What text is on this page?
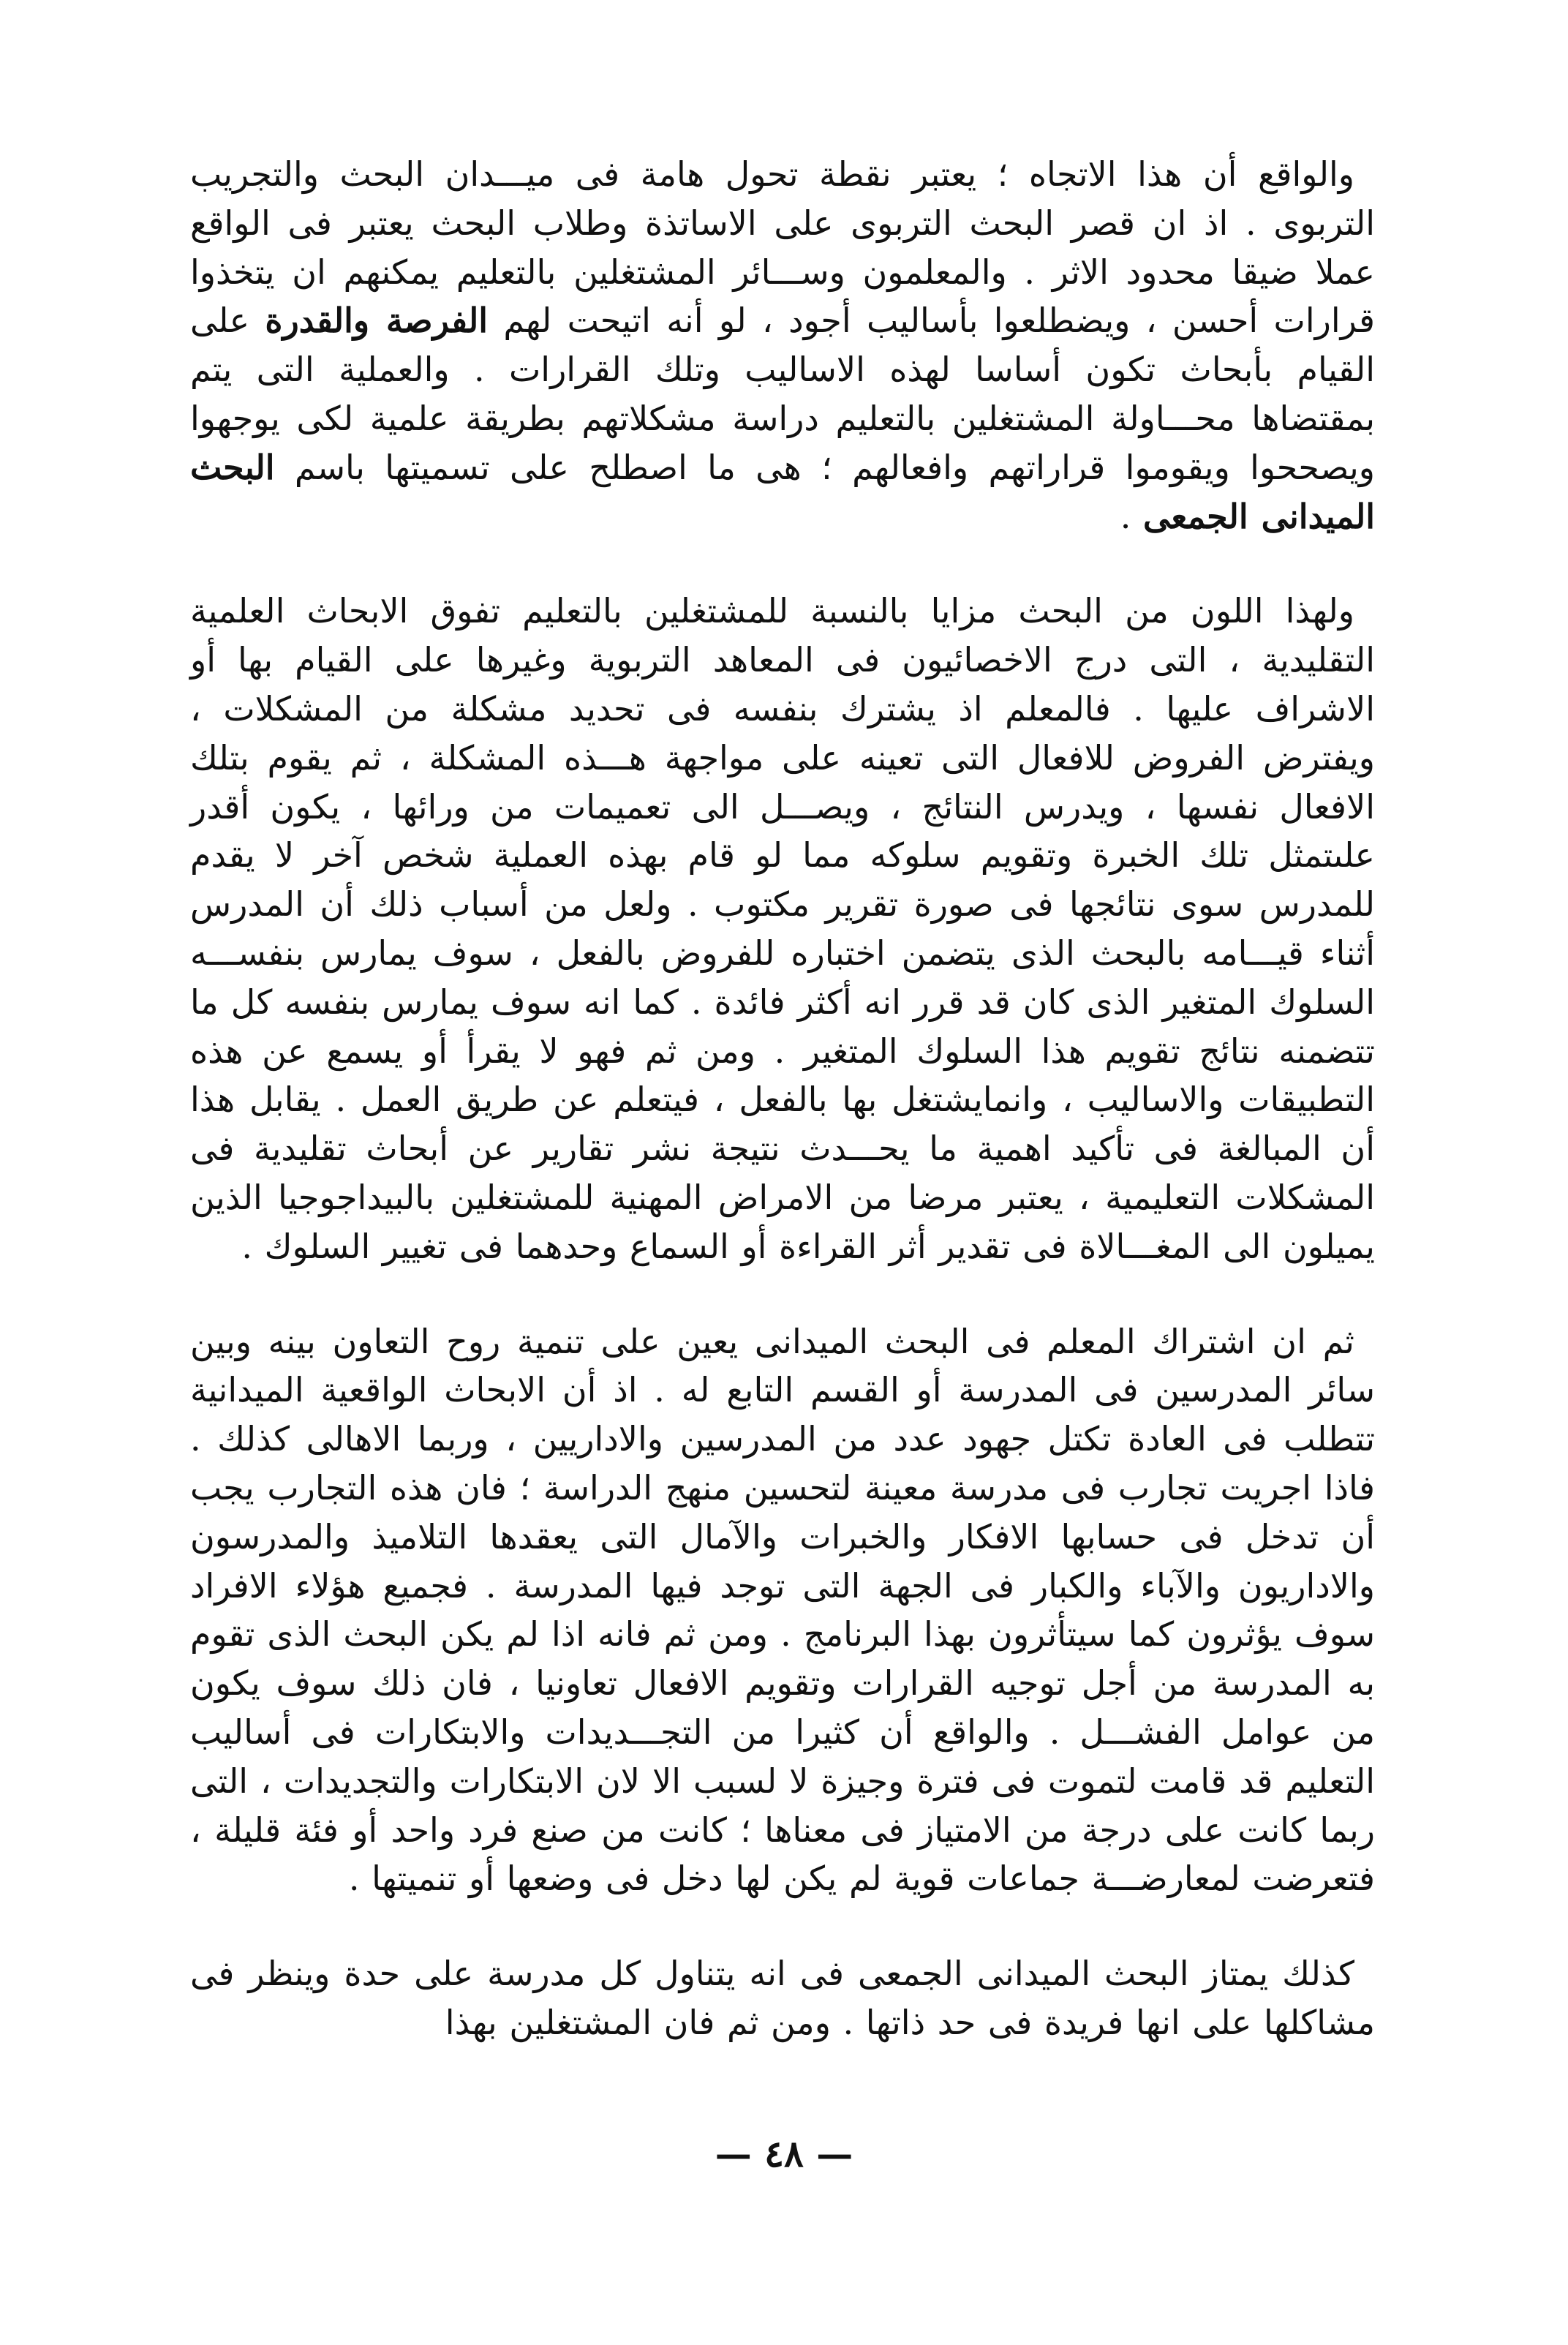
والواقع أن هذا الاتجاه ؛ يعتبر نقطة تحول هامة فى ميـــدان البحث والتجريب التربوى . اذ ان قصر البحث التربوى على الاساتذة وطلاب البحث يعتبر فى الواقع عملا ضيقا محدود الاثر . والمعلمون وســـائر المشتغلين بالتعليم يمكنهم ان يتخذوا قرارات أحسن ، ويضطلعوا بأساليب أجود ، لو أنه اتيحت لهم الفرصة والقدرة على القيام بأبحاث تكون أساسا لهذه الاساليب وتلك القرارات . والعملية التى يتم بمقتضاها محـــاولة المشتغلين بالتعليم دراسة مشكلاتهم بطريقة علمية لكى يوجهوا ويصححوا ويقوموا قراراتهم وافعالهم ؛ هى ما اصطلح على تسميتها باسم البحث الميدانى الجمعى .

ولهذا اللون من البحث مزايا بالنسبة للمشتغلين بالتعليم تفوق الابحاث العلمية التقليدية ، التى درج الاخصائيون فى المعاهد التربوية وغيرها على القيام بها أو الاشراف عليها . فالمعلم اذ يشترك بنفسه فى تحديد مشكلة من المشكلات ، ويفترض الفروض للافعال التى تعينه على مواجهة هـــذه المشكلة ، ثم يقوم بتلك الافعال نفسها ، ويدرس النتائج ، ويصـــل الى تعميمات من ورائها ، يكون أقدر علىتمثل تلك الخبرة وتقويم سلوكه مما لو قام بهذه العملية شخص آخر لا يقدم للمدرس سوى نتائجها فى صورة تقرير مكتوب . ولعل من أسباب ذلك أن المدرس أثناء قيـــامه بالبحث الذى يتضمن اختباره للفروض بالفعل ، سوف يمارس بنفســـه السلوك المتغير الذى كان قد قرر انه أكثر فائدة . كما انه سوف يمارس بنفسه كل ما تتضمنه نتائج تقويم هذا السلوك المتغير . ومن ثم فهو لا يقرأ أو يسمع عن هذه التطبيقات والاساليب ، وانمايشتغل بها بالفعل ، فيتعلم عن طريق العمل . يقابل هذا أن المبالغة فى تأكيد اهمية ما يحـــدث نتيجة نشر تقارير عن أبحاث تقليدية فى المشكلات التعليمية ، يعتبر مرضا من الامراض المهنية للمشتغلين بالبيداجوجيا الذين يميلون الى المغـــالاة فى تقدير أثر القراءة أو السماع وحدهما فى تغيير السلوك .

ثم ان اشتراك المعلم فى البحث الميدانى يعين على تنمية روح التعاون بينه وبين سائر المدرسين فى المدرسة أو القسم التابع له . اذ أن الابحاث الواقعية الميدانية تتطلب فى العادة تكتل جهود عدد من المدرسين والاداريين ، وربما الاهالى كذلك . فاذا اجريت تجارب فى مدرسة معينة لتحسين منهج الدراسة ؛ فان هذه التجارب يجب أن تدخل فى حسابها الافكار والخبرات والآمال التى يعقدها التلاميذ والمدرسون والاداريون والآباء والكبار فى الجهة التى توجد فيها المدرسة . فجميع هؤلاء الافراد سوف يؤثرون كما سيتأثرون بهذا البرنامج . ومن ثم فانه اذا لم يكن البحث الذى تقوم به المدرسة من أجل توجيه القرارات وتقويم الافعال تعاونيا ، فان ذلك سوف يكون من عوامل الفشـــل . والواقع أن كثيرا من التجـــديدات والابتكارات فى أساليب التعليم قد قامت لتموت فى فترة وجيزة لا لسبب الا لان الابتكارات والتجديدات ، التى ربما كانت على درجة من الامتياز فى معناها ؛ كانت من صنع فرد واحد أو فئة قليلة ، فتعرضت لمعارضـــة جماعات قوية لم يكن لها دخل فى وضعها أو تنميتها .

كذلك يمتاز البحث الميدانى الجمعى فى انه يتناول كل مدرسة على حدة وينظر فى مشاكلها على انها فريدة فى حد ذاتها . ومن ثم فان المشتغلين بهذا

— ٤٨ —
